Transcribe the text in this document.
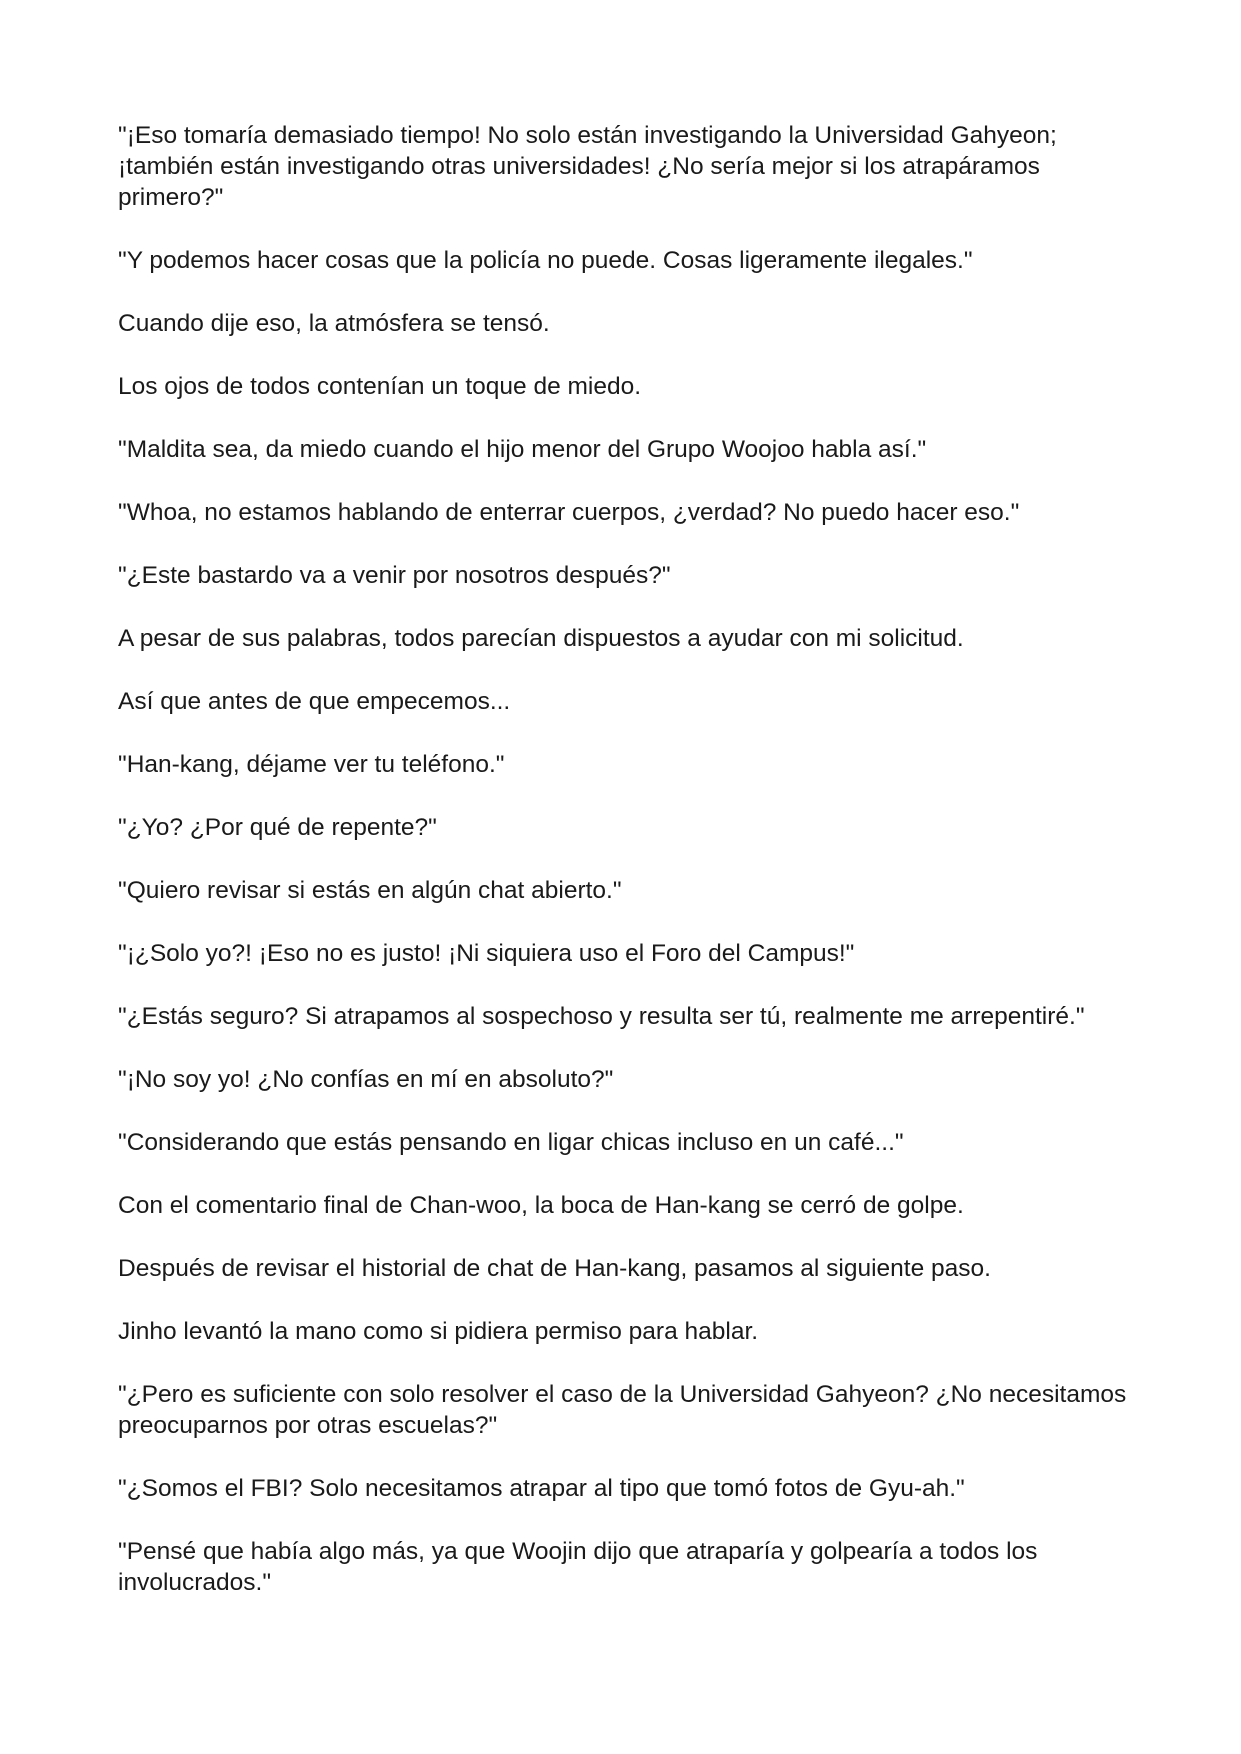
"¡Eso tomaría demasiado tiempo! No solo están investigando la Universidad Gahyeon; ¡también están investigando otras universidades! ¿No sería mejor si los atrapáramos primero?"

"Y podemos hacer cosas que la policía no puede. Cosas ligeramente ilegales."

Cuando dije eso, la atmósfera se tensó.

Los ojos de todos contenían un toque de miedo.

"Maldita sea, da miedo cuando el hijo menor del Grupo Woojoo habla así."

"Whoa, no estamos hablando de enterrar cuerpos, ¿verdad? No puedo hacer eso."

"¿Este bastardo va a venir por nosotros después?"

A pesar de sus palabras, todos parecían dispuestos a ayudar con mi solicitud.

Así que antes de que empecemos...

"Han-kang, déjame ver tu teléfono."

"¿Yo? ¿Por qué de repente?"

"Quiero revisar si estás en algún chat abierto."

"¡¿Solo yo?! ¡Eso no es justo! ¡Ni siquiera uso el Foro del Campus!"

"¿Estás seguro? Si atrapamos al sospechoso y resulta ser tú, realmente me arrepentiré."

"¡No soy yo! ¿No confías en mí en absoluto?"

"Considerando que estás pensando en ligar chicas incluso en un café..."

Con el comentario final de Chan-woo, la boca de Han-kang se cerró de golpe.

Después de revisar el historial de chat de Han-kang, pasamos al siguiente paso.

Jinho levantó la mano como si pidiera permiso para hablar.

"¿Pero es suficiente con solo resolver el caso de la Universidad Gahyeon? ¿No necesitamos preocuparnos por otras escuelas?"

"¿Somos el FBI? Solo necesitamos atrapar al tipo que tomó fotos de Gyu-ah."

"Pensé que había algo más, ya que Woojin dijo que atraparía y golpearía a todos los involucrados."
